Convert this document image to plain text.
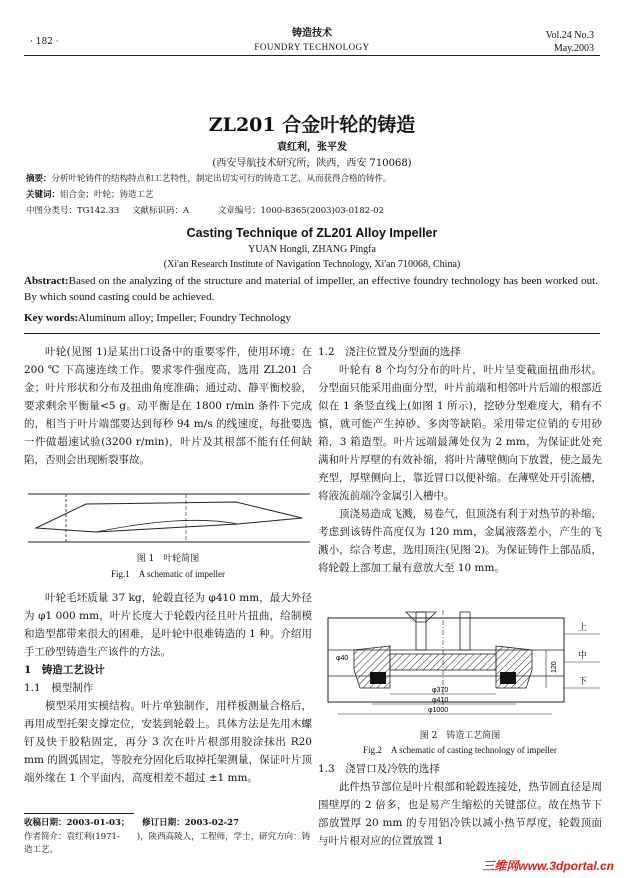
· 182 ·
铸造技术
FOUNDRY TECHNOLOGY
Vol.24 No.3
May.2003
ZL201 合金叶轮的铸造
袁红利，张平发
(西安导航技术研究所，陕西，西安 710068)
摘要：分析叶轮铸件的结构特点和工艺特性，制定出切实可行的铸造工艺，从而获得合格的铸件。
关键词：铝合金；叶轮；铸造工艺
中图分类号：TG142.33 文献标识码：A	文章编号：1000-8365(2003)03-0182-02
Casting Technique of ZL201 Alloy Impeller
YUAN Hongli, ZHANG Pingfa
(Xi'an Research Institute of Navigation Technology, Xi'an 710068, China)
Abstract:Based on the analyzing of the structure and material of impeller, an effective foundry technology has been worked out. By which sound casting could be achieved.
Key words:Aluminum alloy; Impeller; Foundry Technology

叶轮(见图 1)是某出口设备中的重要零件，使用环境：在 200 ℃ 下高速连续工作。要求零件强度高，选用 ZL201 合金；叶片形状和分布及扭曲角度准确；通过动、静平衡校验，要求剩余平衡量<5 g。动平衡是在 1800 r/min 条件下完成的，相当于叶片端部要达到每秒 94 m/s 的线速度，每批要选一件做超速试验(3200 r/min)，叶片及其根部不能有任何缺陷，否则会出现断裂事故。

图 1　叶轮简图
Fig.1　A schematic of impeller

叶轮毛坯质量 37 kg，轮毂直径为 φ410 mm，最大外径为 φ1 000 mm，叶片长度大于轮毂内径且叶片扭曲，给制模和造型都带来很大的困难，是叶轮中很难铸造的 1 种。介绍用手工砂型铸造生产该件的方法。

1　铸造工艺设计

1.1　模型制作

模型采用实模结构。叶片单独制作，用样板测量合格后，再用成型托架支撑定位，安装到轮毂上。具体方法是先用木螺钉及快干胶粘固定，再分 3 次在叶片根部用胶涂抹出 R20 mm 的圆弧固定，等胶充分固化后取掉托架测量，保证叶片顶端外缘在 1 个平面内，高度相差不超过 ±1 mm。

收稿日期：2003-01-03；　　修订日期：2003-02-27
作者简介：袁红利(1971-　　)，陕西高陵人，工程师，学士，研究方向：铸造工艺。

1.2　浇注位置及分型面的选择

叶轮有 8 个均匀分布的叶片，叶片呈变截面扭曲形状。分型面只能采用曲面分型，叶片前端和相邻叶片后端的根部近似在 1 条竖直线上(如图 1 所示)，挖砂分型难度大，稍有不慎，就可能产生掉砂、多肉等缺陷。采用带定位销的专用砂箱，3 箱造型。叶片远端最薄处仅为 2 mm，为保证此处充满和叶片厚壁的有效补缩，将叶片薄壁侧向下放置，使之最先充型，厚壁侧向上，靠近冒口以便补缩。在薄壁处开引流槽，将液流前端冷金属引入槽中。

顶浇易造成飞溅，易卷气，但顶浇有利于对热节的补缩，考虑到该铸件高度仅为 120 mm，金属液落差小，产生的飞溅小，综合考虑，选用顶注(见图 2)。为保证铸件上部品质，将轮毂上部加工量有意放大至 10 mm。

上
中
下
φ370
φ410
φ1000
120
φ40
图 2　铸造工艺简图
Fig.2　A schematic of casting technology of impeller

1.3　浇冒口及冷铁的选择

此件热节部位是叶片根部和轮毂连接处，热节圆直径是周围壁厚的 2 倍多，也是易产生缩松的关键部位。故在热节下部放置厚 20 mm 的专用铝冷铁以减小热节厚度，轮毂顶面与叶片根对应的位置放置 1

三维网www.3dportal.cn
